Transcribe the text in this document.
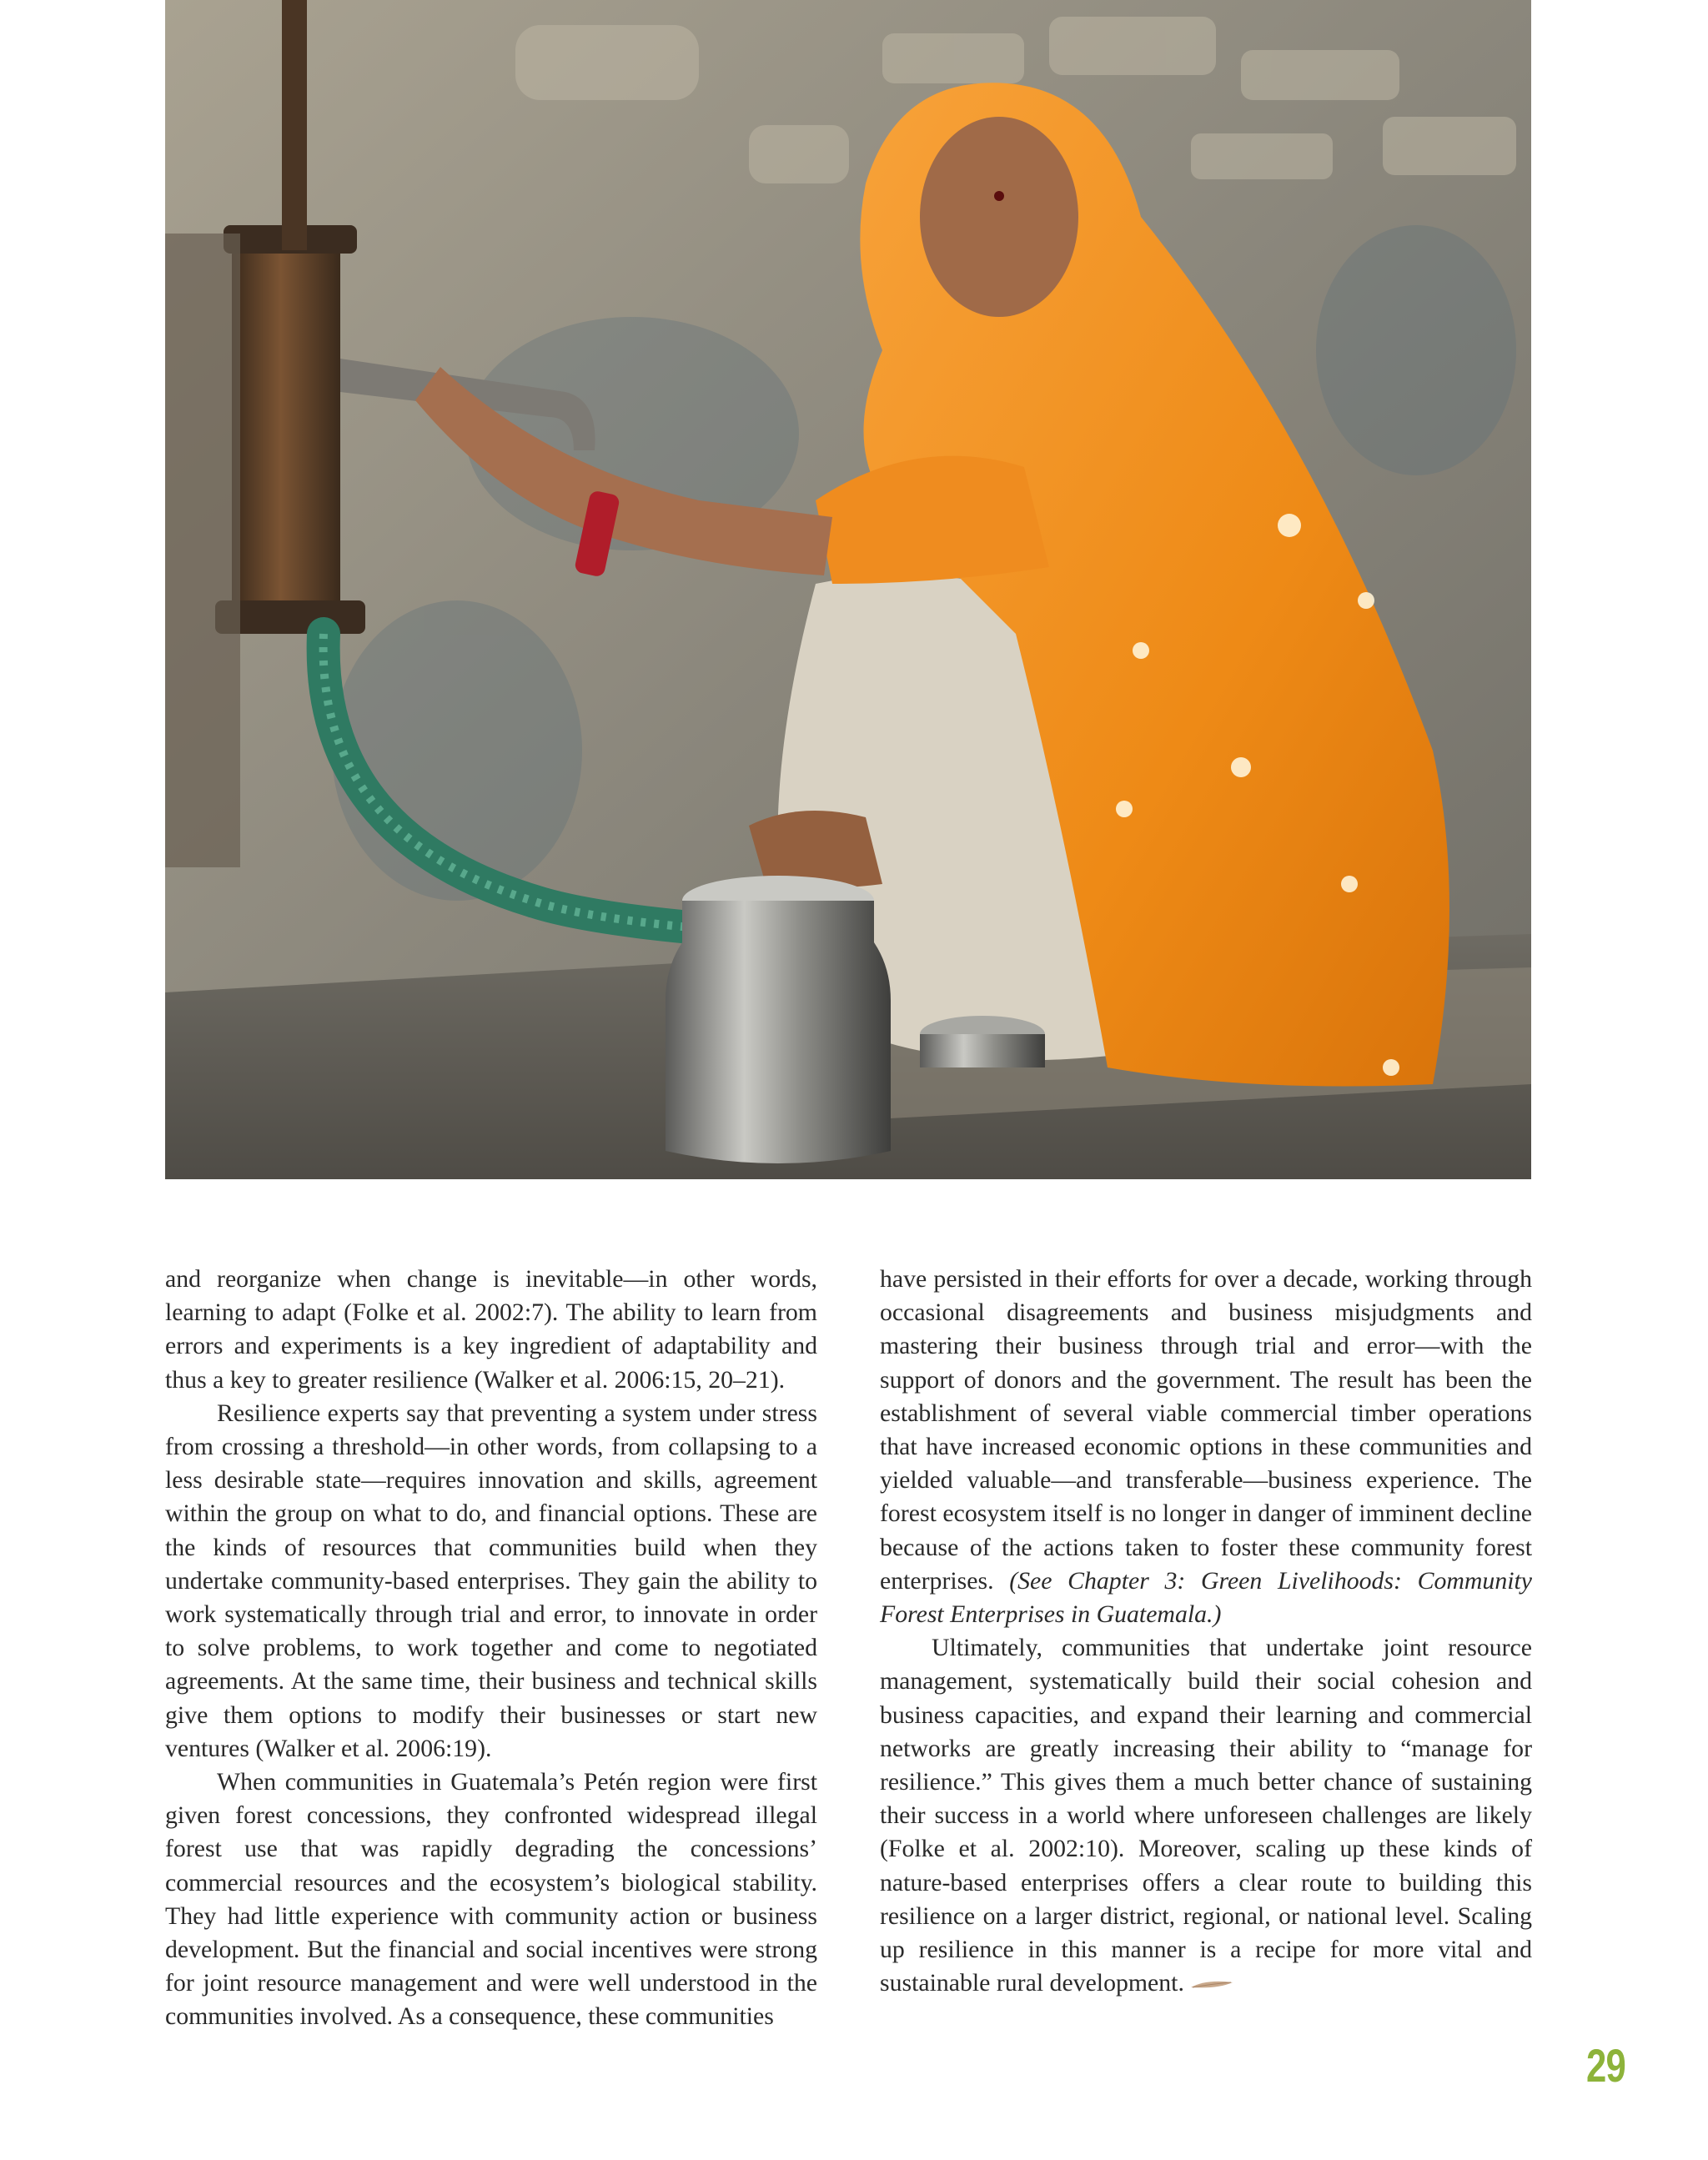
and reorganize when change is inevitable—in other words, learning to adapt (Folke et al. 2002:7). The ability to learn from errors and experiments is a key ingredient of adaptability and thus a key to greater resilience (Walker et al. 2006:15, 20–21).

Resilience experts say that preventing a system under stress from crossing a threshold—in other words, from collapsing to a less desirable state—requires innovation and skills, agreement within the group on what to do, and financial options. These are the kinds of resources that communities build when they undertake community-based enterprises. They gain the ability to work systematically through trial and error, to innovate in order to solve problems, to work together and come to negotiated agreements. At the same time, their business and technical skills give them options to modify their businesses or start new ventures (Walker et al. 2006:19).

When communities in Guatemala’s Petén region were first given forest concessions, they confronted widespread illegal forest use that was rapidly degrading the concessions’ commercial resources and the ecosystem’s biological stability. They had little experience with community action or business development. But the financial and social incentives were strong for joint resource management and were well understood in the communities involved. As a consequence, these communities

have persisted in their efforts for over a decade, working through occasional disagreements and business misjudgments and mastering their business through trial and error—with the support of donors and the government. The result has been the establishment of several viable commercial timber operations that have increased economic options in these communities and yielded valuable—and transferable—business experience. The forest ecosystem itself is no longer in danger of imminent decline because of the actions taken to foster these community forest enterprises. (See Chapter 3: Green Livelihoods: Community Forest Enterprises in Guatemala.)

Ultimately, communities that undertake joint resource management, systematically build their social cohesion and business capacities, and expand their learning and commercial networks are greatly increasing their ability to “manage for resilience.” This gives them a much better chance of sustaining their success in a world where unforeseen challenges are likely (Folke et al. 2002:10). Moreover, scaling up these kinds of nature-based enterprises offers a clear route to building this resilience on a larger district, regional, or national level. Scaling up resilience in this manner is a recipe for more vital and sustainable rural development.

29
